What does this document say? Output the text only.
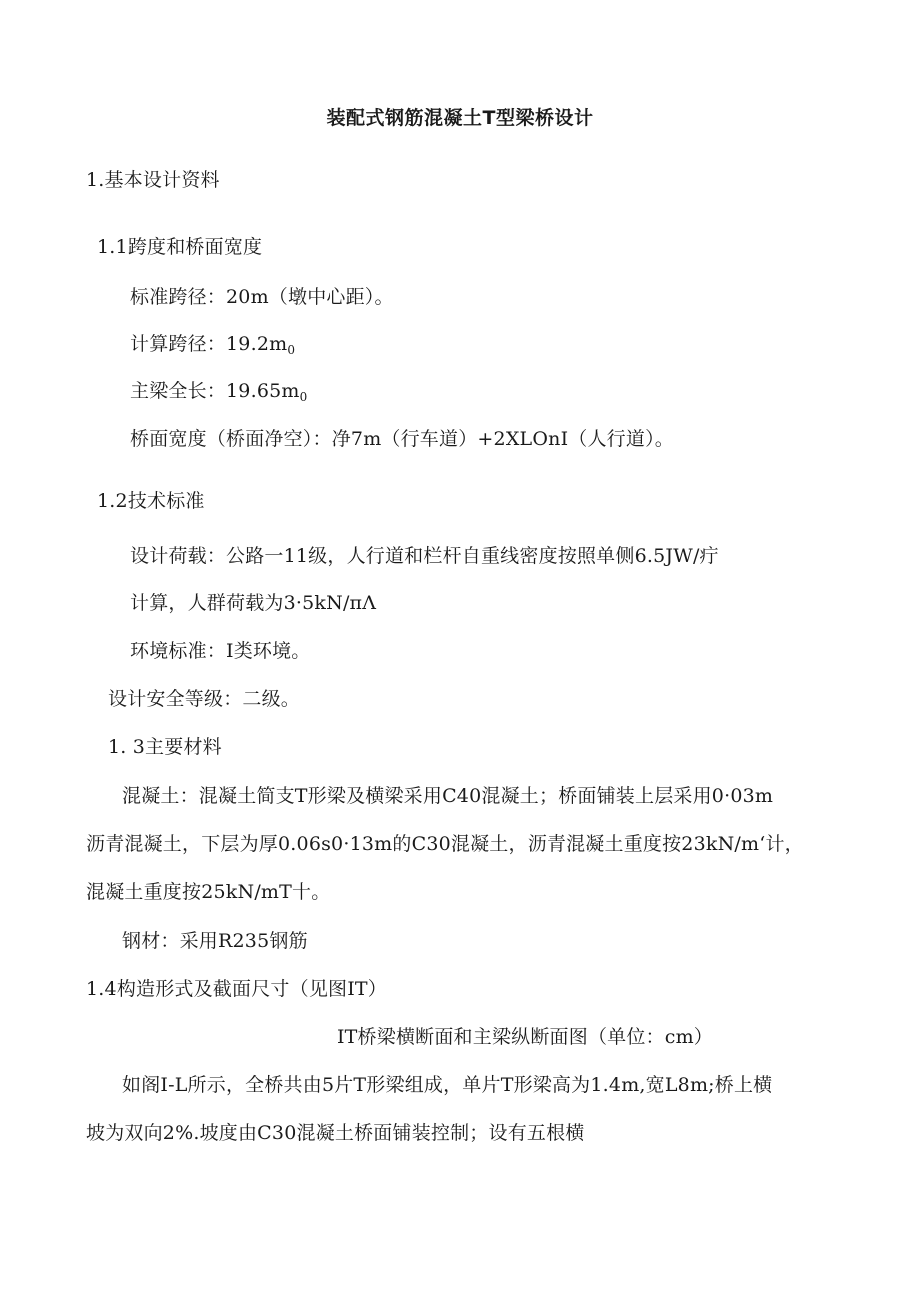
装配式钢筋混凝土T型梁桥设计
1.基本设计资料
1.1跨度和桥面宽度
标准跨径：20m（墩中心距）。
计算跨径：$19.2m_0$
主梁全长：$19.65m_0$
桥面宽度（桥面净空）：净7m（行车道）+2XLOnI（人行道）。
1.2技术标准
设计荷载：公路一11级，人行道和栏杆自重线密度按照单侧6.5JW/疔
计算，人群荷载为3·5kN/πΛ
环境标准：I类环境。
设计安全等级：二级。
1. 3主要材料
混凝土：混凝土简支T形梁及横梁采用C40混凝土；桥面铺装上层采用0·03m
沥青混凝土，下层为厚0.06s0·13m的C30混凝土，沥青混凝土重度按23kN/m‘计，
混凝土重度按25kN/mT十。
钢材：采用R235钢筋
1.4构造形式及截面尺寸（见图IT）
IT桥梁横断面和主梁纵断面图（单位：cm）
如阁I-L所示，全桥共由5片T形梁组成，单片T形梁高为1.4m,宽L8m;桥上横
坡为双向2%.坡度由C30混凝土桥面铺装控制；设有五根横
